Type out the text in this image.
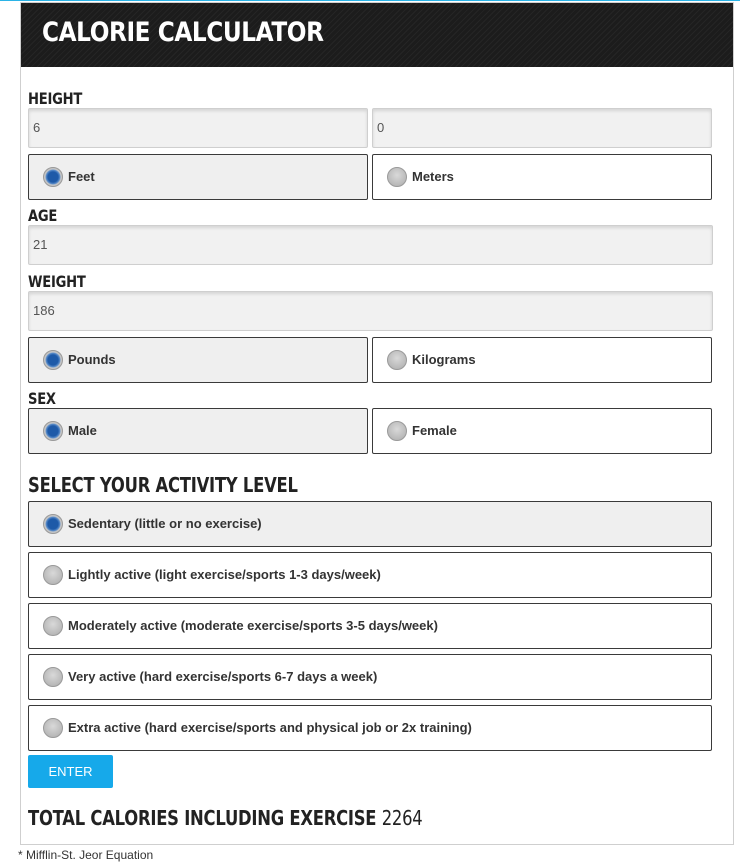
CALORIE CALCULATOR
HEIGHT
6	0
Feet	Meters
AGE
21
WEIGHT
186
Pounds	Kilograms
SEX
Male	Female
SELECT YOUR ACTIVITY LEVEL
Sedentary (little or no exercise)
Lightly active (light exercise/sports 1-3 days/week)
Moderately active (moderate exercise/sports 3-5 days/week)
Very active (hard exercise/sports 6-7 days a week)
Extra active (hard exercise/sports and physical job or 2x training)
ENTER
TOTAL CALORIES INCLUDING EXERCISE 2264
* Mifflin-St. Jeor Equation
